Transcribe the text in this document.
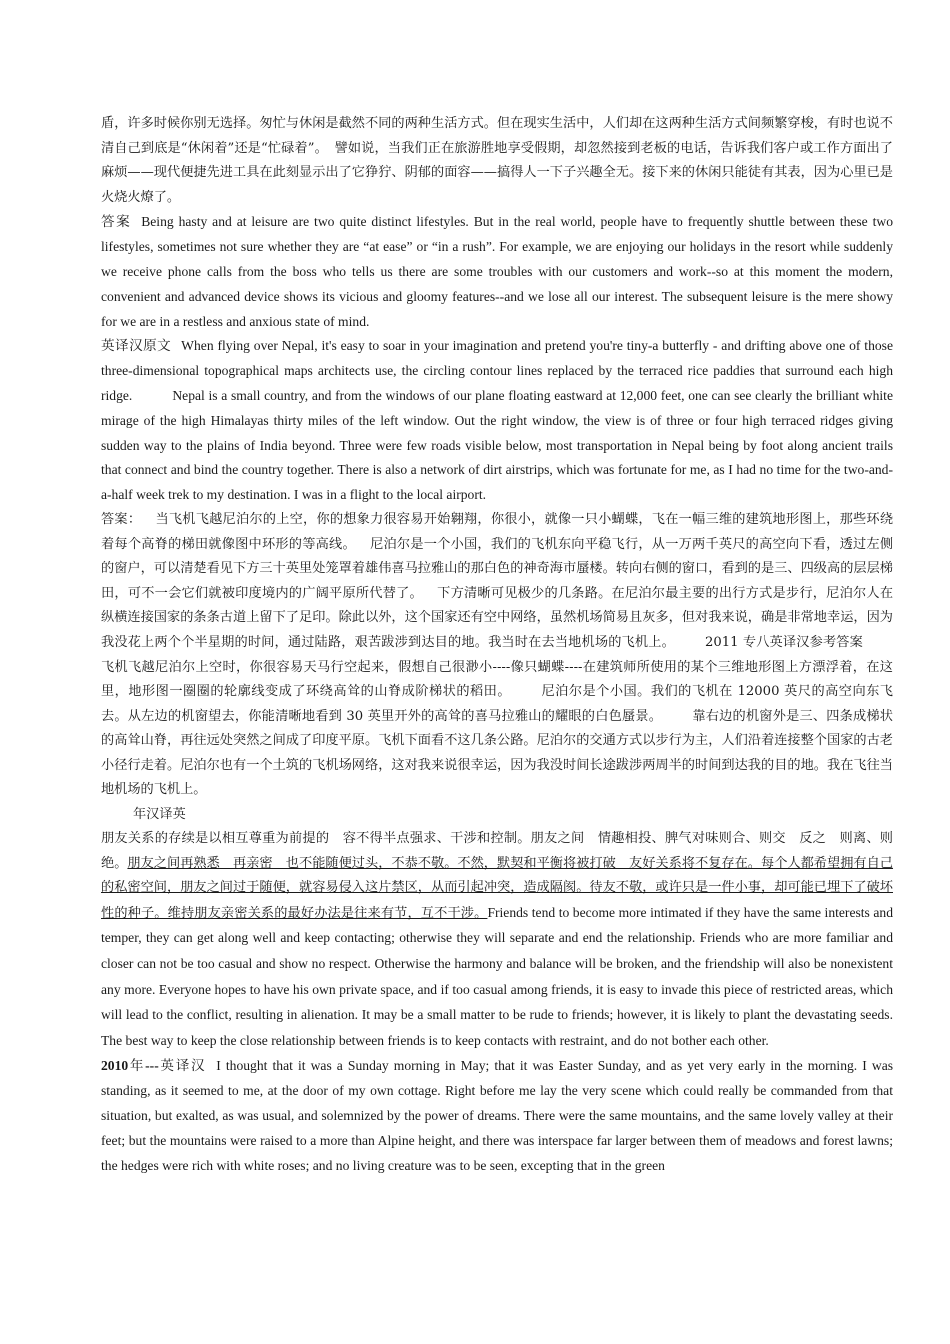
盾，许多时候你别无选择。匆忙与休闲是截然不同的两种生活方式。但在现实生活中，人们却在这两种生活方式间频繁穿梭，有时也说不清自己到底是“休闲着”还是“忙碌着”。　譬如说，当我们正在旅游胜地享受假期，却忽然接到老板的电话，告诉我们客户或工作方面出了麻烦——现代便捷先进工具在此刻显示出了它狰狞、阴郁的面容——搞得人一下子兴趣全无。接下来的休闲只能徒有其表，因为心里已是火烧火燎了。

答案 Being hasty and at leisure are two quite distinct lifestyles. But in the real world, people have to frequently shuttle between these two lifestyles, sometimes not sure whether they are “at ease” or “in a rush”. For example, we are enjoying our holidays in the resort while suddenly we receive phone calls from the boss who tells us there are some troubles with our customers and work--so at this moment the modern, convenient and advanced device shows its vicious and gloomy features--and we lose all our interest. The subsequent leisure is the mere showy for we are in a restless and anxious state of mind.

英译汉原文 When flying over Nepal, it's easy to soar in your imagination and pretend you're tiny-a butterfly - and drifting above one of those three-dimensional topographical maps architects use, the circling contour lines replaced by the terraced rice paddies that surround each high ridge.	Nepal is a small country, and from the windows of our plane floating eastward at 12,000 feet, one can see clearly the brilliant white mirage of the high Himalayas thirty miles of the left window. Out the right window, the view is of three or four high terraced ridges giving sudden way to the plains of India beyond. Three were few roads visible below, most transportation in Nepal being by foot along ancient trails that connect and bind the country together. There is also a network of dirt airstrips, which was fortunate for me, as I had no time for the two-and-a-half week trek to my destination. I was in a flight to the local airport.

答案： 当飞机飞越尼泊尔的上空，你的想象力很容易开始翱翔，你很小，就像一只小蝴蝶，飞在一幅三维的建筑地形图上，那些环绕着每个高脊的梯田就像图中环形的等高线。 尼泊尔是一个小国，我们的飞机东向平稳飞行，从一万两千英尺的高空向下看，透过左侧的窗户，可以清楚看见下方三十英里处笼罩着雄伟喜马拉雅山的那白色的神奇海市蜃楼。转向右侧的窗口，看到的是三、四级高的层层梯田，可不一会它们就被印度境内的广阔平原所代替了。 下方清晰可见极少的几条路。在尼泊尔最主要的出行方式是步行，尼泊尔人在纵横连接国家的条条古道上留下了足印。除此以外，这个国家还有空中网络，虽然机场简易且灰多，但对我来说，确是非常地幸运，因为我没花上两个个半星期的时间，通过陆路，艰苦跋涉到达目的地。我当时在去当地机场的飞机上。 2011 专八英译汉参考答案飞机飞越尼泊尔上空时，你很容易天马行空起来，假想自己很渺小----像只蝴蝶----在建筑师所使用的某个三维地形图上方漂浮着，在这里，地形图一圈圈的轮廓线变成了环绕高耸的山脊成阶梯状的稻田。 尼泊尔是个小国。我们的飞机在 12000 英尺的高空向东飞去。从左边的机窗望去，你能清晰地看到 30 英里开外的高耸的喜马拉雅山的耀眼的白色蜃景。 靠右边的机窗外是三、四条成梯状的高耸山脊，再往远处突然之间成了印度平原。飞机下面看不这几条公路。尼泊尔的交通方式以步行为主，人们沿着连接整个国家的古老小径行走着。尼泊尔也有一个土筑的飞机场网络，这对我来说很幸运，因为我没时间长途跋涉两周半的时间到达我的目的地。我在飞往当地机场的飞机上。

年汉译英

朋友关系的存续是以相互尊重为前提的　容不得半点强求、干涉和控制。朋友之间　情趣相投、脾气对味则合、则交　反之　则离、则绝。朋友之间再熟悉　再亲密　也不能随便过头，不恭不敬。不然，默契和平衡将被打破　友好关系将不复存在。每个人都希望拥有自己的私密空间，朋友之间过于随便，就容易侵入这片禁区，从而引起冲突，造成隔阂。待友不敬，或许只是一件小事，却可能已埋下了破坏性的种子。维持朋友亲密关系的最好办法是往来有节，互不干涉。Friends tend to become more intimated if they have the same interests and temper, they can get along well and keep contacting; otherwise they will separate and end the relationship. Friends who are more familiar and closer can not be too casual and show no respect. Otherwise the harmony and balance will be broken, and the friendship will also be nonexistent any more. Everyone hopes to have his own private space, and if too casual among friends, it is easy to invade this piece of restricted areas, which will lead to the conflict, resulting in alienation. It may be a small matter to be rude to friends; however, it is likely to plant the devastating seeds. The best way to keep the close relationship between friends is to keep contacts with restraint, and do not bother each other.

2010年---英译汉 I thought that it was a Sunday morning in May; that it was Easter Sunday, and as yet very early in the morning. I was standing, as it seemed to me, at the door of my own cottage. Right before me lay the very scene which could really be commanded from that situation, but exalted, as was usual, and solemnized by the power of dreams. There were the same mountains, and the same lovely valley at their feet; but the mountains were raised to a more than Alpine height, and there was interspace far larger between them of meadows and forest lawns; the hedges were rich with white roses; and no living creature was to be seen, excepting that in the green
